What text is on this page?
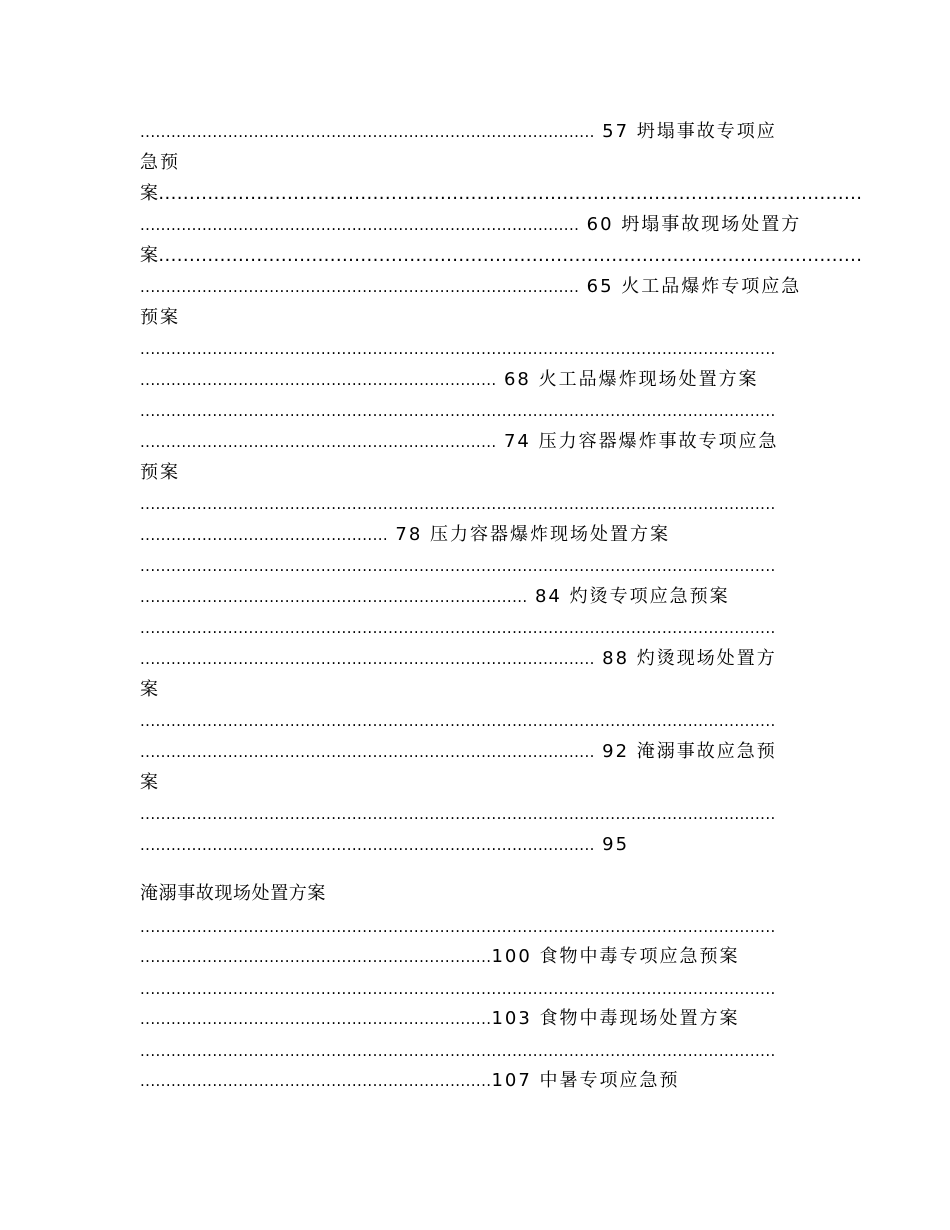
........................................................................................ 57 坍塌事故专项应
急预
案...................................................................................................................
..................................................................................... 60 坍塌事故现场处置方
案...................................................................................................................
..................................................................................... 65 火工品爆炸专项应急
预案
...........................................................................................................................
..................................................................... 68 火工品爆炸现场处置方案
...........................................................................................................................
..................................................................... 74 压力容器爆炸事故专项应急
预案
...........................................................................................................................
................................................ 78 压力容器爆炸现场处置方案
...........................................................................................................................
........................................................................... 84 灼烫专项应急预案
...........................................................................................................................
........................................................................................ 88 灼烫现场处置方
案
...........................................................................................................................
........................................................................................ 92 淹溺事故应急预
案
...........................................................................................................................
........................................................................................ 95
淹溺事故现场处置方案
...........................................................................................................................
....................................................................100 食物中毒专项应急预案
...........................................................................................................................
....................................................................103 食物中毒现场处置方案
...........................................................................................................................
....................................................................107 中暑专项应急预
